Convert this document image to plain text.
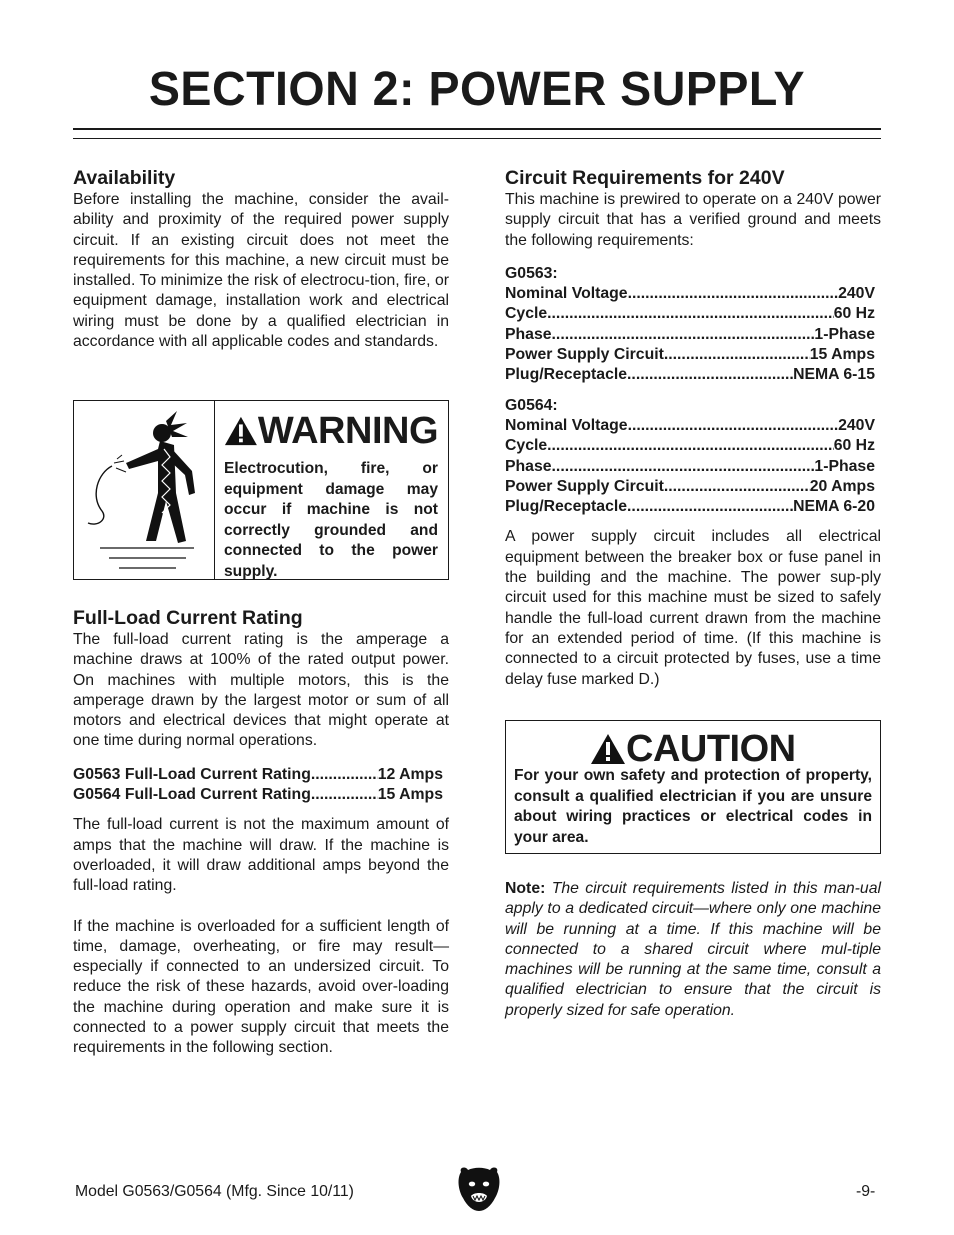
SECTION 2: POWER SUPPLY
Availability

Before installing the machine, consider the avail-ability and proximity of the required power supply circuit. If an existing circuit does not meet the requirements for this machine, a new circuit must be installed. To minimize the risk of electrocu-tion, fire, or equipment damage, installation work and electrical wiring must be done by a qualified electrician in accordance with all applicable codes and standards.

WARNING

Electrocution, fire, or equipment damage may occur if machine is not correctly grounded and connected to the power supply.

Full-Load Current Rating

The full-load current rating is the amperage a machine draws at 100% of the rated output power. On machines with multiple motors, this is the amperage drawn by the largest motor or sum of all motors and electrical devices that might operate at one time during normal operations.

G0563 Full-Load Current Rating .....	12 Amps
G0564 Full-Load Current Rating .....	15 Amps

The full-load current is not the maximum amount of amps that the machine will draw. If the machine is overloaded, it will draw additional amps beyond the full-load rating.

If the machine is overloaded for a sufficient length of time, damage, overheating, or fire may result—especially if connected to an undersized circuit. To reduce the risk of these hazards, avoid over-loading the machine during operation and make sure it is connected to a power supply circuit that meets the requirements in the following section.

Circuit Requirements for 240V

This machine is prewired to operate on a 240V power supply circuit that has a verified ground and meets the following requirements:

G0563:
Nominal Voltage .....	240V
Cycle .....	60 Hz
Phase .....	1-Phase
Power Supply Circuit .....	15 Amps
Plug/Receptacle .....	NEMA 6-15
G0564:
Nominal Voltage .....	240V
Cycle .....	60 Hz
Phase .....	1-Phase
Power Supply Circuit .....	20 Amps
Plug/Receptacle .....	NEMA 6-20

A power supply circuit includes all electrical equipment between the breaker box or fuse panel in the building and the machine. The power sup-ply circuit used for this machine must be sized to safely handle the full-load current drawn from the machine for an extended period of time. (If this machine is connected to a circuit protected by fuses, use a time delay fuse marked D.)

CAUTION

For your own safety and protection of property, consult a qualified electrician if you are unsure about wiring practices or electrical codes in your area.

Note: The circuit requirements listed in this man-ual apply to a dedicated circuit—where only one machine will be running at a time. If this machine will be connected to a shared circuit where mul-tiple machines will be running at the same time, consult a qualified electrician to ensure that the circuit is properly sized for safe operation.

Model G0563/G0564 (Mfg. Since 10/11)	-9-
